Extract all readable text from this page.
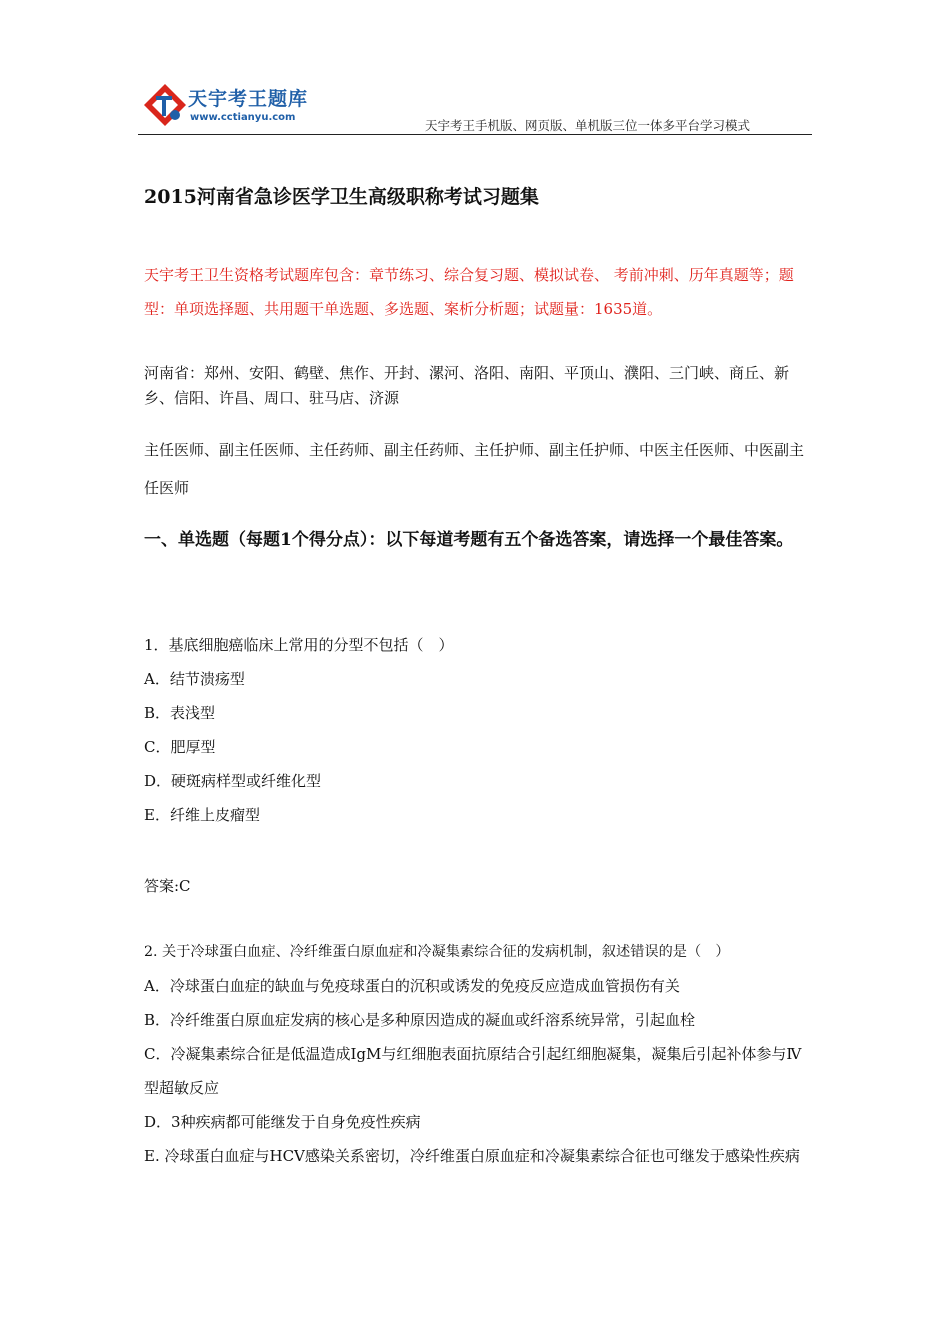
天宇考王题库
www.cctianyu.com
天宇考王手机版、网页版、单机版三位一体多平台学习模式
2015河南省急诊医学卫生高级职称考试习题集
天宇考王卫生资格考试题库包含：章节练习、综合复习题、模拟试卷、 考前冲刺、历年真题等；题型：单项选择题、共用题干单选题、多选题、案析分析题；试题量：1635道。
河南省：郑州、安阳、鹤壁、焦作、开封、漯河、洛阳、南阳、平顶山、濮阳、三门峡、商丘、新乡、信阳、许昌、周口、驻马店、济源
主任医师、副主任医师、主任药师、副主任药师、主任护师、副主任护师、中医主任医师、中医副主任医师
一、单选题（每题1个得分点）：以下每道考题有五个备选答案，请选择一个最佳答案。
1．基底细胞癌临床上常用的分型不包括（　）
A．结节溃疡型
B．表浅型
C．肥厚型
D．硬斑病样型或纤维化型
E．纤维上皮瘤型
答案:C
2. 关于冷球蛋白血症、冷纤维蛋白原血症和冷凝集素综合征的发病机制，叙述错误的是（　）
A．冷球蛋白血症的缺血与免疫球蛋白的沉积或诱发的免疫反应造成血管损伤有关
B．冷纤维蛋白原血症发病的核心是多种原因造成的凝血或纤溶系统异常，引起血栓
C．冷凝集素综合征是低温造成IgM与红细胞表面抗原结合引起红细胞凝集，凝集后引起补体参与Ⅳ型超敏反应
D．3种疾病都可能继发于自身免疫性疾病
E. 冷球蛋白血症与HCV感染关系密切，冷纤维蛋白原血症和冷凝集素综合征也可继发于感染性疾病
